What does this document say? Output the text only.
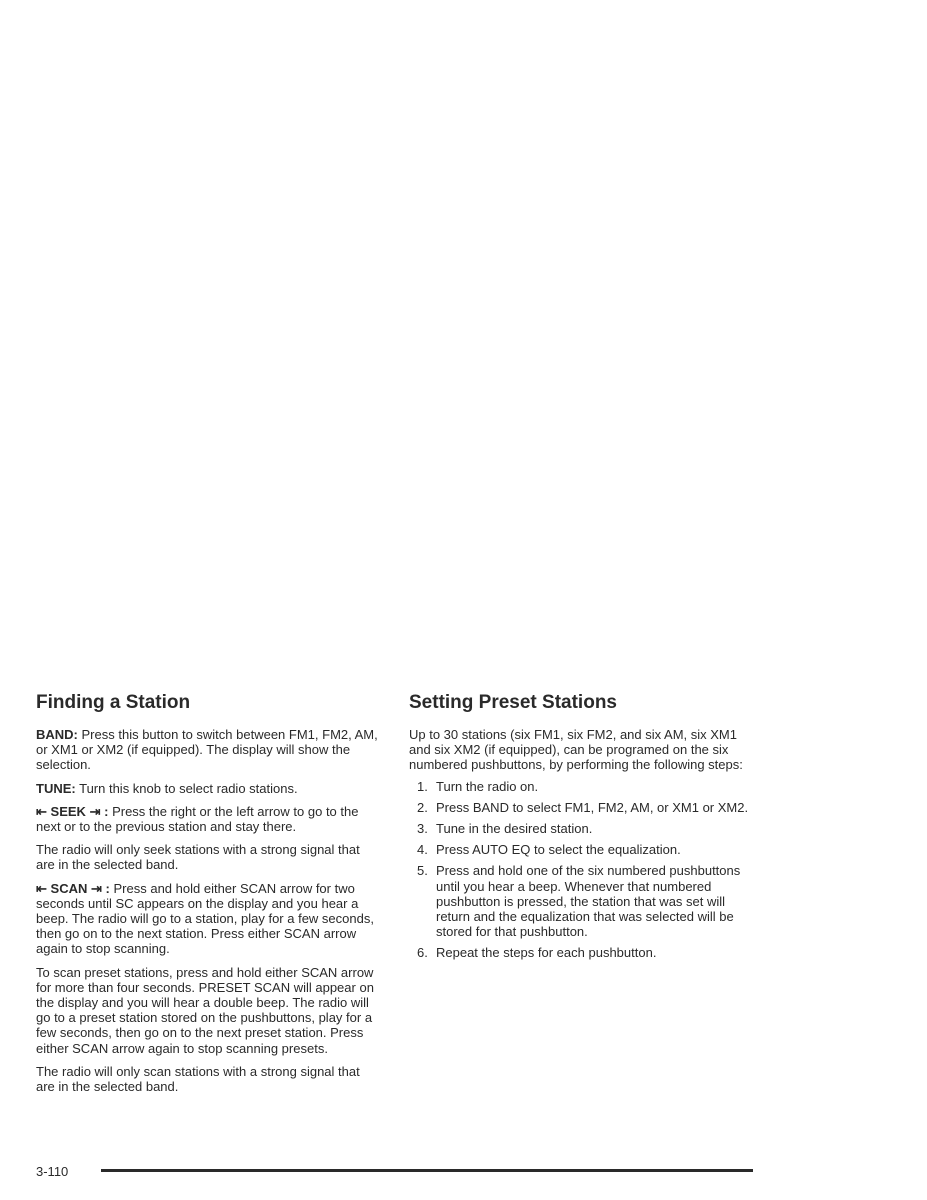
Finding a Station

BAND: Press this button to switch between FM1, FM2, AM, or XM1 or XM2 (if equipped). The display will show the selection.

TUNE: Turn this knob to select radio stations.

⇤ SEEK ⇥ : Press the right or the left arrow to go to the next or to the previous station and stay there.

The radio will only seek stations with a strong signal that are in the selected band.

⇤ SCAN ⇥ : Press and hold either SCAN arrow for two seconds until SC appears on the display and you hear a beep. The radio will go to a station, play for a few seconds, then go on to the next station. Press either SCAN arrow again to stop scanning.

To scan preset stations, press and hold either SCAN arrow for more than four seconds. PRESET SCAN will appear on the display and you will hear a double beep. The radio will go to a preset station stored on the pushbuttons, play for a few seconds, then go on to the next preset station. Press either SCAN arrow again to stop scanning presets.

The radio will only scan stations with a strong signal that are in the selected band.

Setting Preset Stations

Up to 30 stations (six FM1, six FM2, and six AM, six XM1 and six XM2 (if equipped), can be programed on the six numbered pushbuttons, by performing the following steps:

1. Turn the radio on.
2. Press BAND to select FM1, FM2, AM, or XM1 or XM2.
3. Tune in the desired station.
4. Press AUTO EQ to select the equalization.
5. Press and hold one of the six numbered pushbuttons until you hear a beep. Whenever that numbered pushbutton is pressed, the station that was set will return and the equalization that was selected will be stored for that pushbutton.
6. Repeat the steps for each pushbutton.
3-110
